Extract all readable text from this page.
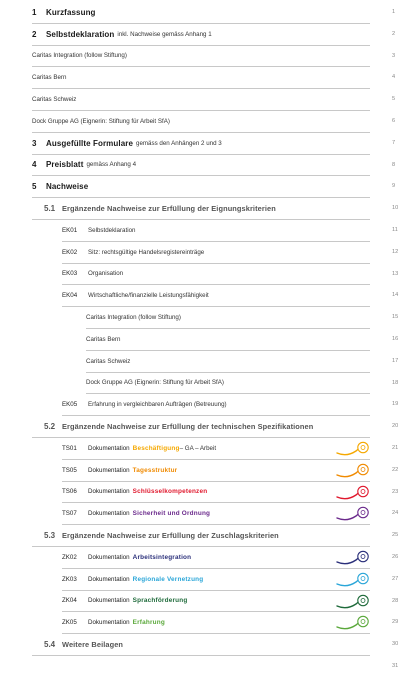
1	Kurzfassung	1
2	Selbstdeklaration inkl. Nachweise gemäss Anhang 1	2
Caritas Integration (follow Stiftung)	3
Caritas Bern	4
Caritas Schweiz	5
Dock Gruppe AG (Eignerin: Stiftung für Arbeit SfA)	6
3	Ausgefüllte Formulare gemäss den Anhängen 2 und 3	7
4	Preisblatt gemäss Anhang 4	8
5	Nachweise	9
5.1 Ergänzende Nachweise zur Erfüllung der Eignungskriterien	10
EK01	Selbstdeklaration	11
EK02	Sitz: rechtsgültige Handelsregistereinträge	12
EK03	Organisation	13
EK04	Wirtschaftliche/finanzielle Leistungsfähigkeit	14
Caritas Integration (follow Stiftung)	15
Caritas Bern	16
Caritas Schweiz	17
Dock Gruppe AG (Eignerin: Stiftung für Arbeit SfA)	18
EK05	Erfahrung in vergleichbaren Aufträgen (Betreuung)	19
5.2 Ergänzende Nachweise zur Erfüllung der technischen Spezifikationen	20
TS01	Dokumentation Beschäftigung – GA – Arbeit	21
TS05	Dokumentation Tagesstruktur	22
TS06	Dokumentation Schlüsselkompetenzen	23
TS07	Dokumentation Sicherheit und Ordnung	24
5.3 Ergänzende Nachweise zur Erfüllung der Zuschlagskriterien	25
ZK02	Dokumentation Arbeitsintegration	26
ZK03	Dokumentation Regionale Vernetzung	27
ZK04	Dokumentation Sprachförderung	28
ZK05	Dokumentation Erfahrung	29
5.4 Weitere Beilagen	30
31
